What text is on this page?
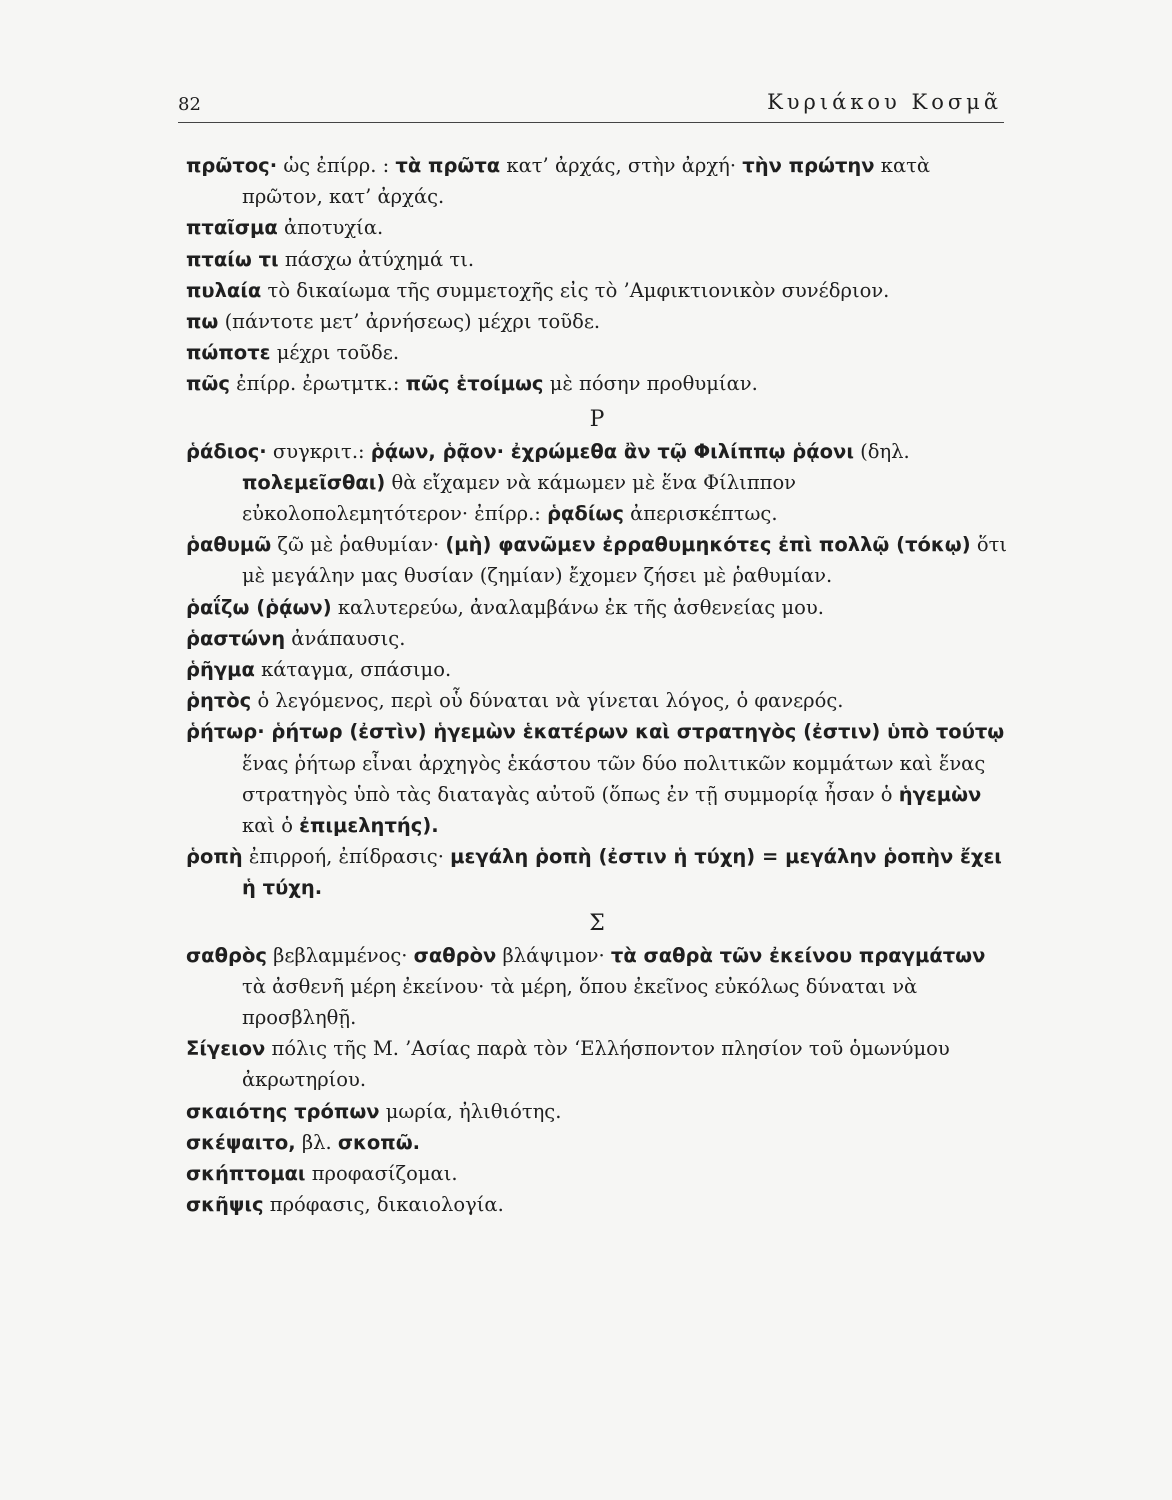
82	Κυριάκου Κοσμᾶ

πρῶτος· ὡς ἐπίρρ. : τὰ πρῶτα κατ’ ἀρχάς, στὴν ἀρχή· τὴν πρώτην κατὰ πρῶτον, κατ’ ἀρχάς.

πταῖσμα ἀποτυχία.

πταίω τι πάσχω ἀτύχημά τι.

πυλαία τὸ δικαίωμα τῆς συμμετοχῆς εἰς τὸ ’Αμφικτιονικὸν συνέδριον.

πω (πάντοτε μετ’ ἀρνήσεως) μέχρι τοῦδε.

πώποτε μέχρι τοῦδε.

πῶς ἐπίρρ. ἐρωτμτκ.: πῶς ἑτοίμως μὲ πόσην προθυμίαν.

Ρ

ῥάδιος· συγκριτ.: ῥᾴων, ῥᾷον· ἐχρώμεθα ἂν τῷ Φιλίππῳ ῥᾴονι (δηλ. πολεμεῖσθαι) θὰ εἴχαμεν νὰ κάμωμεν μὲ ἕνα Φίλιππον εὐκολοπολεμητότερον· ἐπίρρ.: ῥᾳδίως ἀπερισκέπτως.

ῥαθυμῶ ζῶ μὲ ῥαθυμίαν· (μὴ) φανῶμεν ἐρραθυμηκότες ἐπὶ πολλῷ (τόκῳ) ὅτι μὲ μεγάλην μας θυσίαν (ζημίαν) ἔχομεν ζήσει μὲ ῥαθυμίαν.

ῥαΐζω (ῥᾴων) καλυτερεύω, ἀναλαμβάνω ἐκ τῆς ἀσθενείας μου.

ῥαστώνη ἀνάπαυσις.

ῥῆγμα κάταγμα, σπάσιμο.

ῥητὸς ὁ λεγόμενος, περὶ οὗ δύναται νὰ γίνεται λόγος, ὁ φανερός.

ῥήτωρ· ῥήτωρ (ἐστὶν) ἡγεμὼν ἑκατέρων καὶ στρατηγὸς (ἐστιν) ὑπὸ τούτῳ ἕνας ῥήτωρ εἶναι ἀρχηγὸς ἑκάστου τῶν δύο πολιτικῶν κομμάτων καὶ ἕνας στρατηγὸς ὑπὸ τὰς διαταγὰς αὐτοῦ (ὅπως ἐν τῇ συμμορίᾳ ἦσαν ὁ ἡγεμὼν καὶ ὁ ἐπιμελητής).

ῥοπὴ ἐπιρροή, ἐπίδρασις· μεγάλη ῥοπὴ (ἐστιν ἡ τύχη) = μεγάλην ῥοπὴν ἔχει ἡ τύχη.

Σ

σαθρὸς βεβλαμμένος· σαθρὸν βλάψιμον· τὰ σαθρὰ τῶν ἐκείνου πραγμάτων τὰ ἀσθενῆ μέρη ἐκείνου· τὰ μέρη, ὅπου ἐκεῖνος εὐκόλως δύναται νὰ προσβληθῇ.

Σίγειον πόλις τῆς Μ. ’Ασίας παρὰ τὸν ‘Ελλήσποντον πλησίον τοῦ ὁμωνύμου ἀκρωτηρίου.

σκαιότης τρόπων μωρία, ἠλιθιότης.

σκέψαιτο, βλ. σκοπῶ.

σκήπτομαι προφασίζομαι.

σκῆψις πρόφασις, δικαιολογία.
